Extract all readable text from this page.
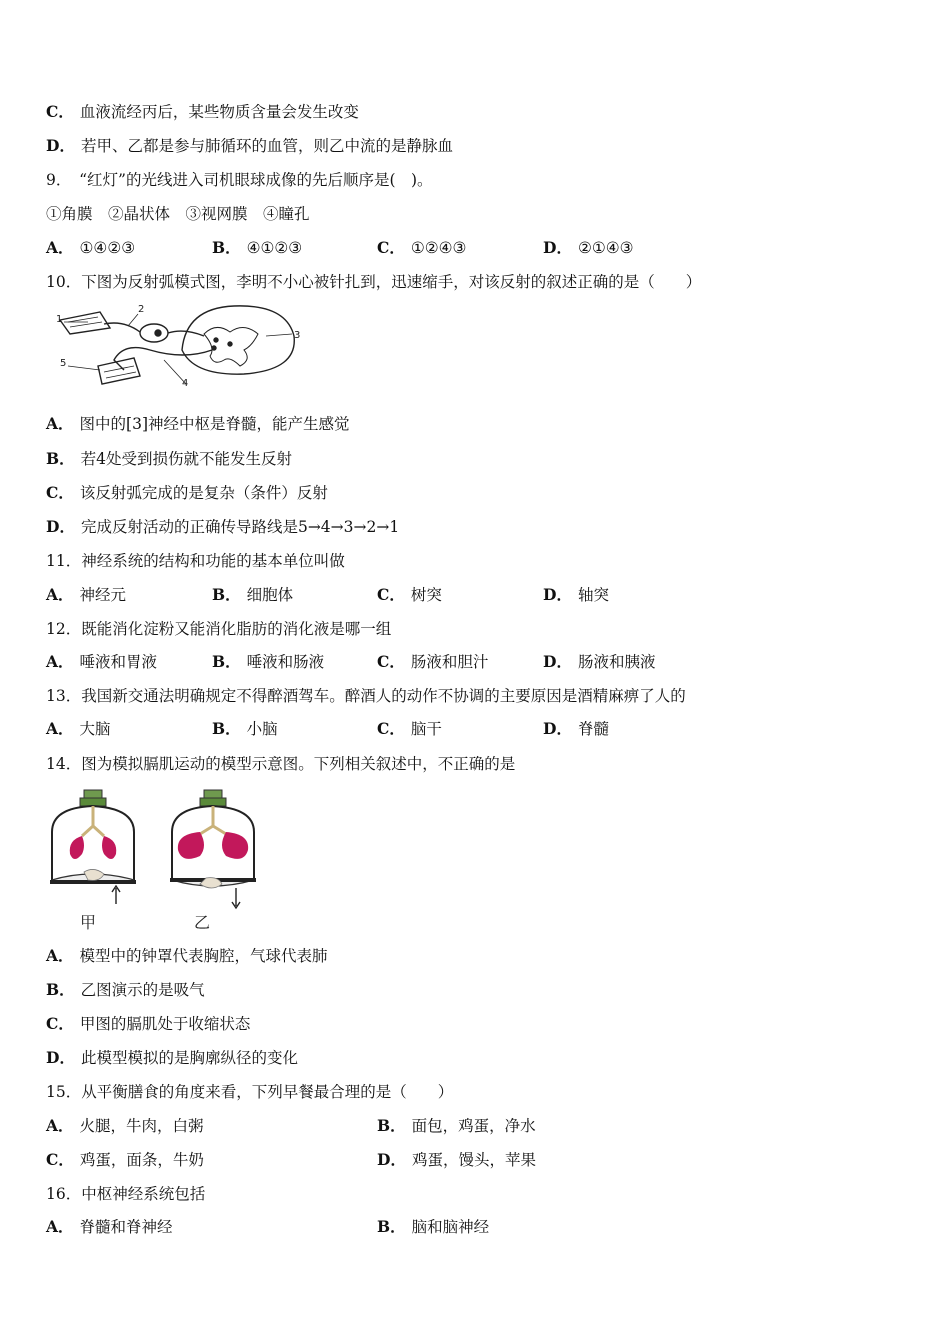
C． 血液流经丙后，某些物质含量会发生改变
D． 若甲、乙都是参与肺循环的血管，则乙中流的是静脉血
9．　“红灯”的光线进入司机眼球成像的先后顺序是(　)。
①角膜　②晶状体　③视网膜　④瞳孔
A． ①④②③	B． ④①②③	C． ①②④③	D． ②①④③
10．下图为反射弧模式图，李明不小心被针扎到，迅速缩手，对该反射的叙述正确的是（　　）
1
2
3
4
5
A． 图中的[3]神经中枢是脊髓，能产生感觉
B． 若4处受到损伤就不能发生反射
C． 该反射弧完成的是复杂（条件）反射
D． 完成反射活动的正确传导路线是5→4→3→2→1
11．神经系统的结构和功能的基本单位叫做
A． 神经元	B． 细胞体	C． 树突	D． 轴突
12．既能消化淀粉又能消化脂肪的消化液是哪一组
A． 唾液和胃液	B． 唾液和肠液	C． 肠液和胆汁	D． 肠液和胰液
13．我国新交通法明确规定不得醉酒驾车。醉酒人的动作不协调的主要原因是酒精麻痹了人的
A． 大脑	B． 小脑	C． 脑干	D． 脊髓
14．图为模拟膈肌运动的模型示意图。下列相关叙述中，不正确的是
甲	乙
A． 模型中的钟罩代表胸腔，气球代表肺
B． 乙图演示的是吸气
C． 甲图的膈肌处于收缩状态
D． 此模型模拟的是胸廓纵径的变化
15．从平衡膳食的角度来看，下列早餐最合理的是（　　）
A． 火腿，牛肉，白粥	B． 面包，鸡蛋，净水
C． 鸡蛋，面条，牛奶	D． 鸡蛋，馒头，苹果
16．中枢神经系统包括
A． 脊髓和脊神经	B． 脑和脑神经
